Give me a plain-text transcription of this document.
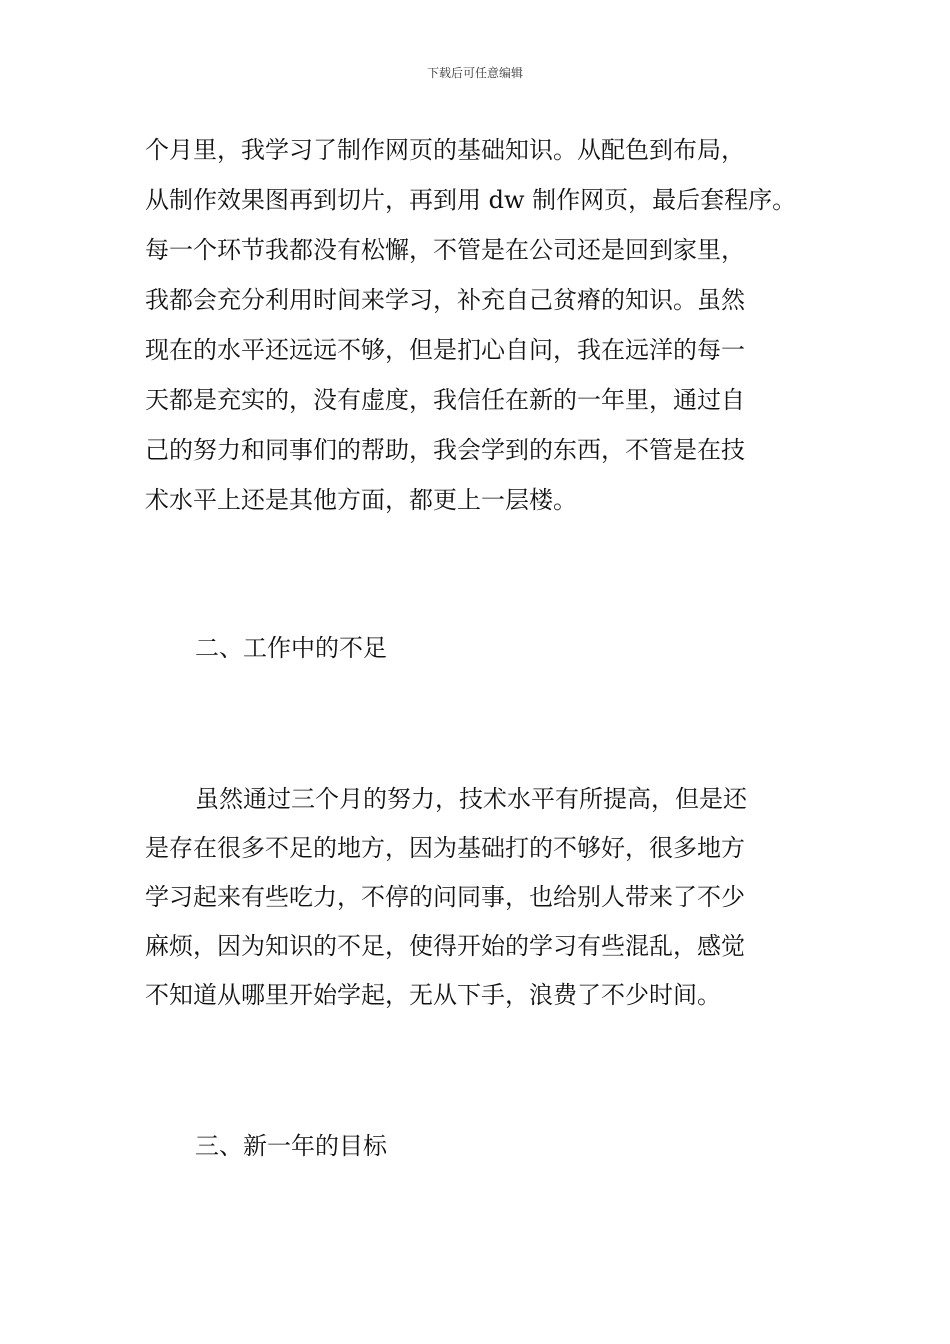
下载后可任意编辑
个月里，我学习了制作网页的基础知识。从配色到布局，
从制作效果图再到切片，再到用 dw 制作网页，最后套程序。
每一个环节我都没有松懈，不管是在公司还是回到家里，
我都会充分利用时间来学习，补充自己贫瘠的知识。虽然
现在的水平还远远不够，但是扪心自问，我在远洋的每一
天都是充实的，没有虚度，我信任在新的一年里，通过自
己的努力和同事们的帮助，我会学到的东西，不管是在技
术水平上还是其他方面，都更上一层楼。
二、工作中的不足
虽然通过三个月的努力，技术水平有所提高，但是还
是存在很多不足的地方，因为基础打的不够好，很多地方
学习起来有些吃力，不停的问同事，也给别人带来了不少
麻烦，因为知识的不足，使得开始的学习有些混乱，感觉
不知道从哪里开始学起，无从下手，浪费了不少时间。
三、新一年的目标
